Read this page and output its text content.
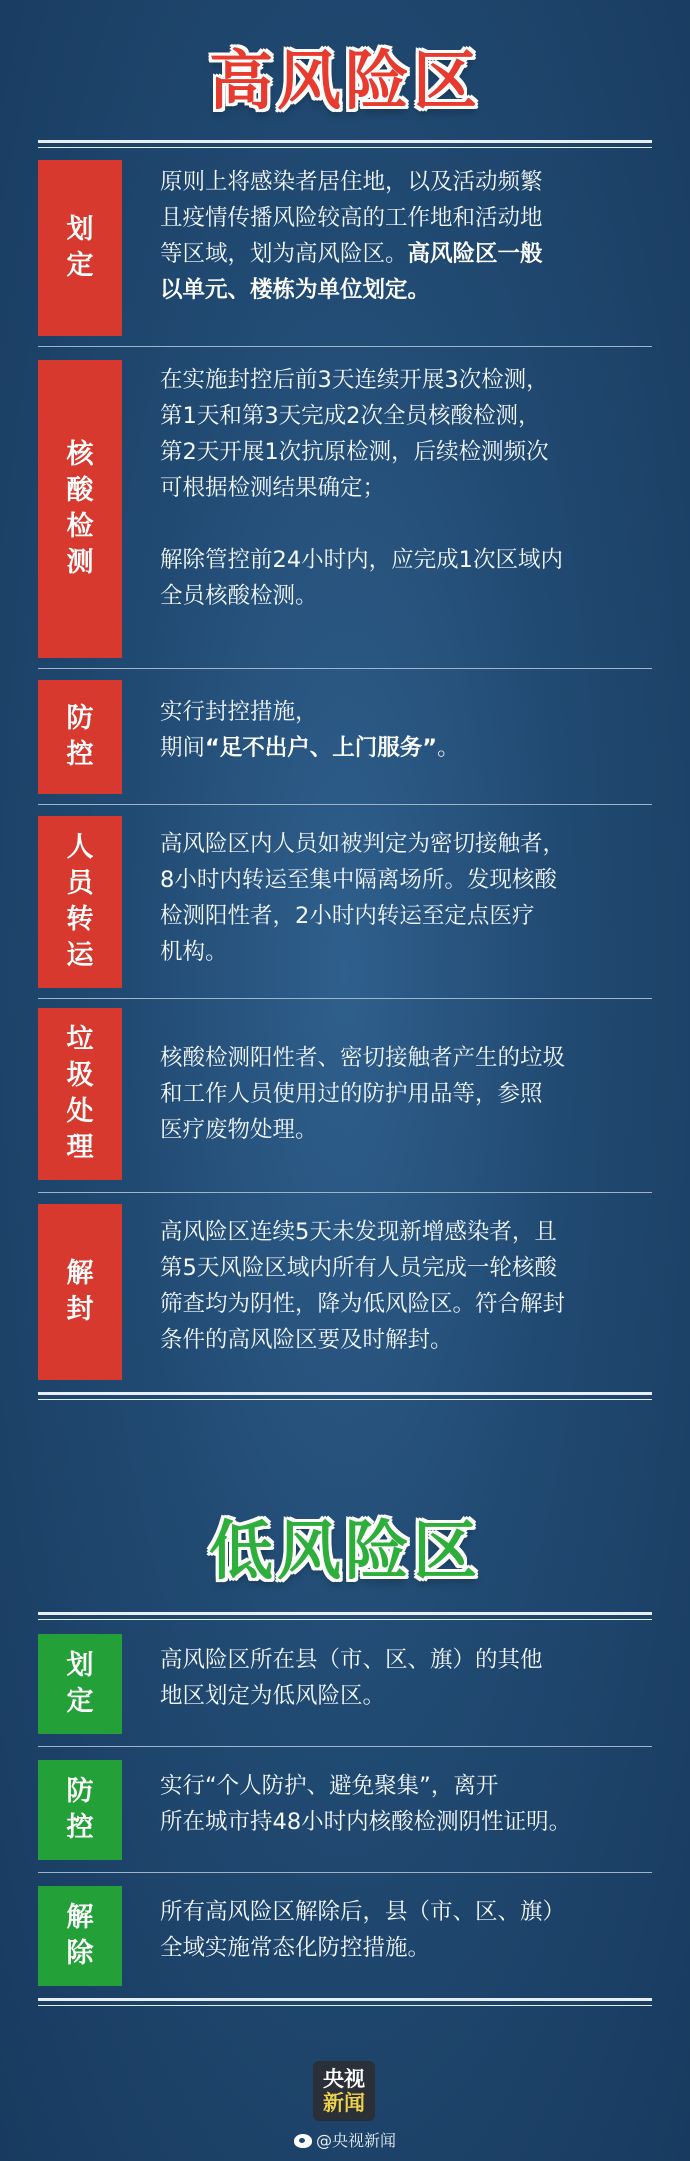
高风险区
划定
原则上将感染者居住地，以及活动频繁
且疫情传播风险较高的工作地和活动地
等区域，划为高风险区。高风险区一般
以单元、楼栋为单位划定。
核酸检测
在实施封控后前3天连续开展3次检测，
第1天和第3天完成2次全员核酸检测，
第2天开展1次抗原检测，后续检测频次
可根据检测结果确定；

解除管控前24小时内，应完成1次区域内
全员核酸检测。
防控
实行封控措施，
期间“足不出户、上门服务”。
人员转运
高风险区内人员如被判定为密切接触者，
8小时内转运至集中隔离场所。发现核酸
检测阳性者，2小时内转运至定点医疗
机构。
垃圾处理
核酸检测阳性者、密切接触者产生的垃圾
和工作人员使用过的防护用品等，参照
医疗废物处理。
解封
高风险区连续5天未发现新增感染者，且
第5天风险区域内所有人员完成一轮核酸
筛查均为阴性，降为低风险区。符合解封
条件的高风险区要及时解封。
低风险区
划定
高风险区所在县（市、区、旗）的其他
地区划定为低风险区。
防控
实行“个人防护、避免聚集”，离开
所在城市持48小时内核酸检测阴性证明。
解除
所有高风险区解除后，县（市、区、旗）
全域实施常态化防控措施。
央视
新闻
@央视新闻
